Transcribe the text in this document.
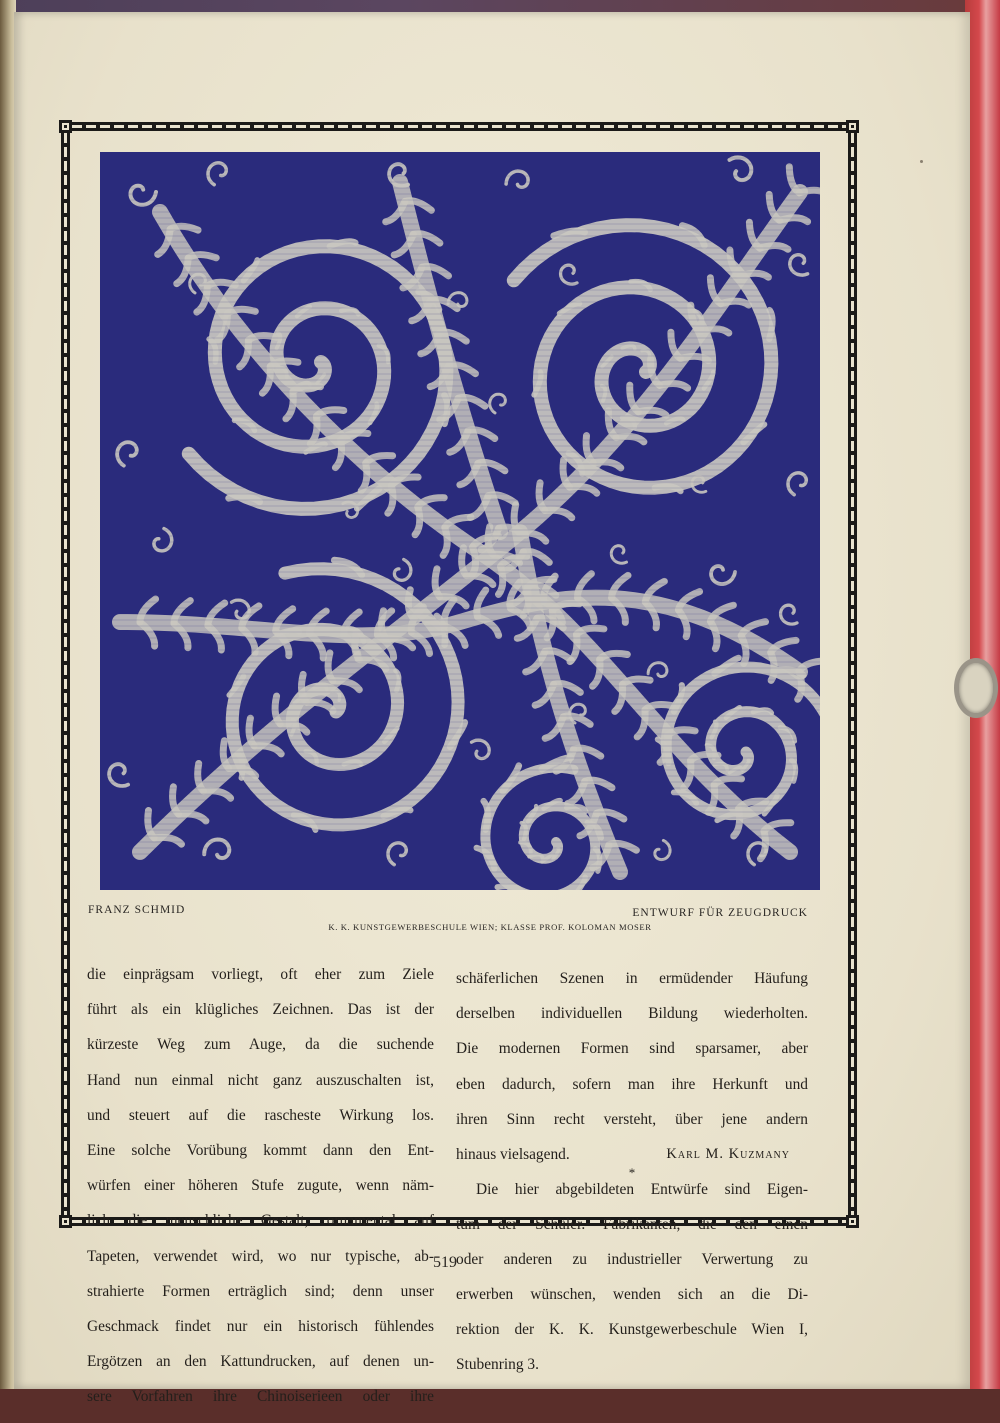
FRANZ SCHMID	ENTWURF FÜR ZEUGDRUCK
K. K. KUNSTGEWERBESCHULE WIEN; KLASSE PROF. KOLOMAN MOSER

die einprägsam vorliegt, oft eher zum Ziele

führt als ein klügliches Zeichnen. Das ist der

kürzeste Weg zum Auge, da die suchende

Hand nun einmal nicht ganz auszuschalten ist,

und steuert auf die rascheste Wirkung los.

Eine solche Vorübung kommt dann den Ent-

würfen einer höheren Stufe zugute, wenn näm-

lich die menschliche Gestalt, ornamental auf

Tapeten, verwendet wird, wo nur typische, ab-

strahierte Formen erträglich sind; denn unser

Geschmack findet nur ein historisch fühlendes

Ergötzen an den Kattundrucken, auf denen un-

sere Vorfahren ihre Chinoiserieen oder ihre

schäferlichen Szenen in ermüdender Häufung

derselben individuellen Bildung wiederholten.

Die modernen Formen sind sparsamer, aber

eben dadurch, sofern man ihre Herkunft und

ihren Sinn recht versteht, über jene andern

hinaus vielsagend.	Karl M. Kuzmany
*

Die hier abgebildeten Entwürfe sind Eigen-

tum der Schüler. Fabrikanten, die den einen

oder anderen zu industrieller Verwertung zu

erwerben wünschen, wenden sich an die Di-

rektion der K. K. Kunstgewerbeschule Wien I,

Stubenring 3.

519
